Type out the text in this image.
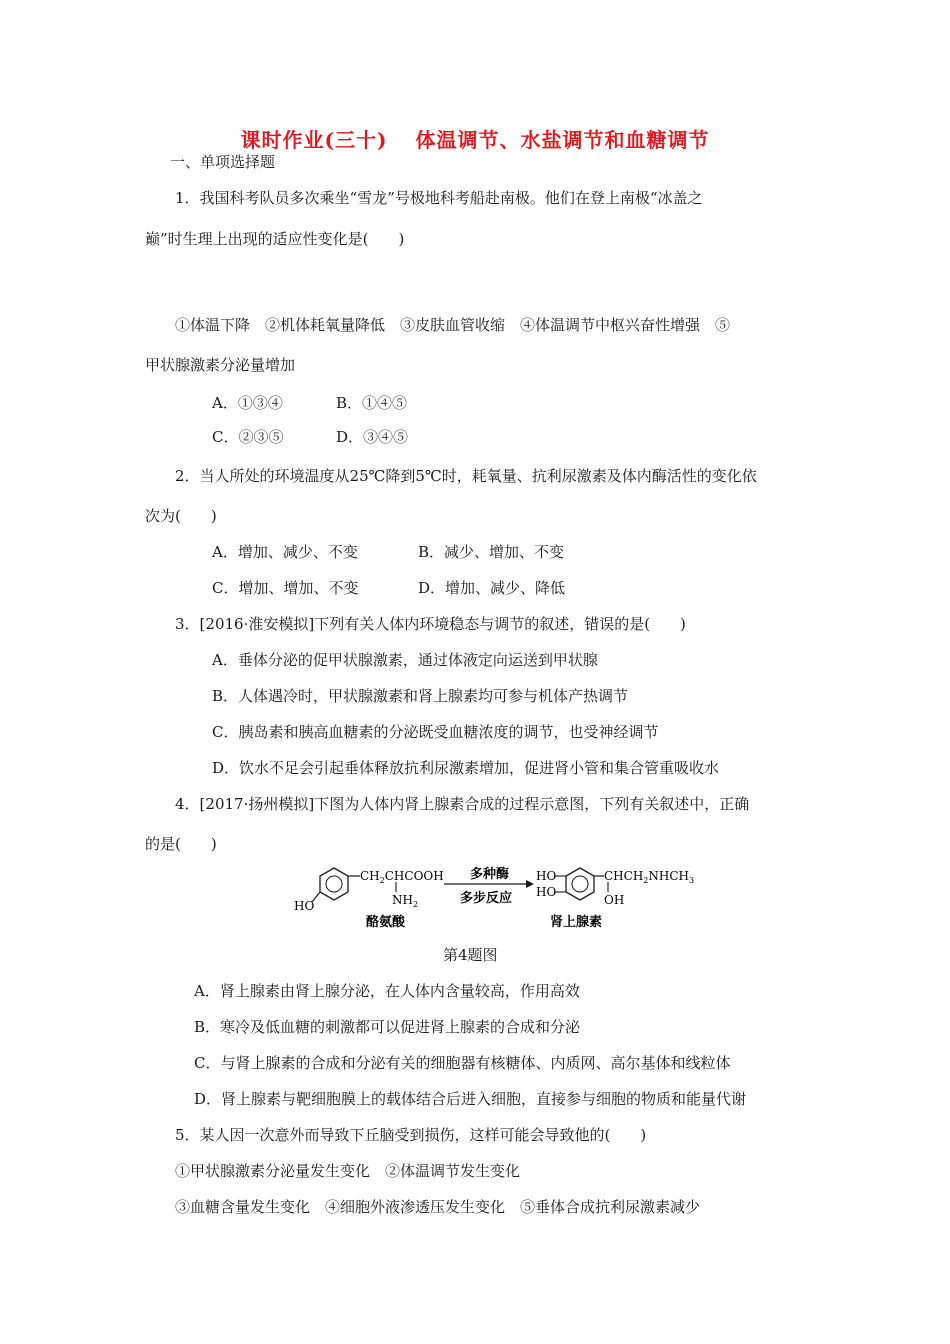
课时作业(三十) 体温调节、水盐调节和血糖调节
一、单项选择题
1．我国科考队员多次乘坐“雪龙”号极地科考船赴南极。他们在登上南极“冰盖之
巅”时生理上出现的适应性变化是(　　)
①体温下降　②机体耗氧量降低　③皮肤血管收缩　④体温调节中枢兴奋性增强　⑤
甲状腺激素分泌量增加
A．①③④	B．①④⑤
C．②③⑤	D．③④⑤
2．当人所处的环境温度从25℃降到5℃时，耗氧量、抗利尿激素及体内酶活性的变化依
次为(　　)
A．增加、减少、不变	B．减少、增加、不变
C．增加、增加、不变	D．增加、减少、降低
3．[2016·淮安模拟]下列有关人体内环境稳态与调节的叙述，错误的是(　　)
A．垂体分泌的促甲状腺激素，通过体液定向运送到甲状腺
B．人体遇冷时，甲状腺激素和肾上腺素均可参与机体产热调节
C．胰岛素和胰高血糖素的分泌既受血糖浓度的调节，也受神经调节
D．饮水不足会引起垂体释放抗利尿激素增加，促进肾小管和集合管重吸收水
4．[2017·扬州模拟]下图为人体内肾上腺素合成的过程示意图，下列有关叙述中，正确
的是(　　)
$CH_2CHCOOH$
$NH_2$
HO
酪氨酸
多种酶
多步反应
HO
HO
$CHCH_2NHCH_3$
OH
肾上腺素
第4题图
A．肾上腺素由肾上腺分泌，在人体内含量较高，作用高效
B．寒冷及低血糖的刺激都可以促进肾上腺素的合成和分泌
C．与肾上腺素的合成和分泌有关的细胞器有核糖体、内质网、高尔基体和线粒体
D．肾上腺素与靶细胞膜上的载体结合后进入细胞，直接参与细胞的物质和能量代谢
5．某人因一次意外而导致下丘脑受到损伤，这样可能会导致他的(　　)
①甲状腺激素分泌量发生变化　②体温调节发生变化
③血糖含量发生变化　④细胞外液渗透压发生变化　⑤垂体合成抗利尿激素减少
